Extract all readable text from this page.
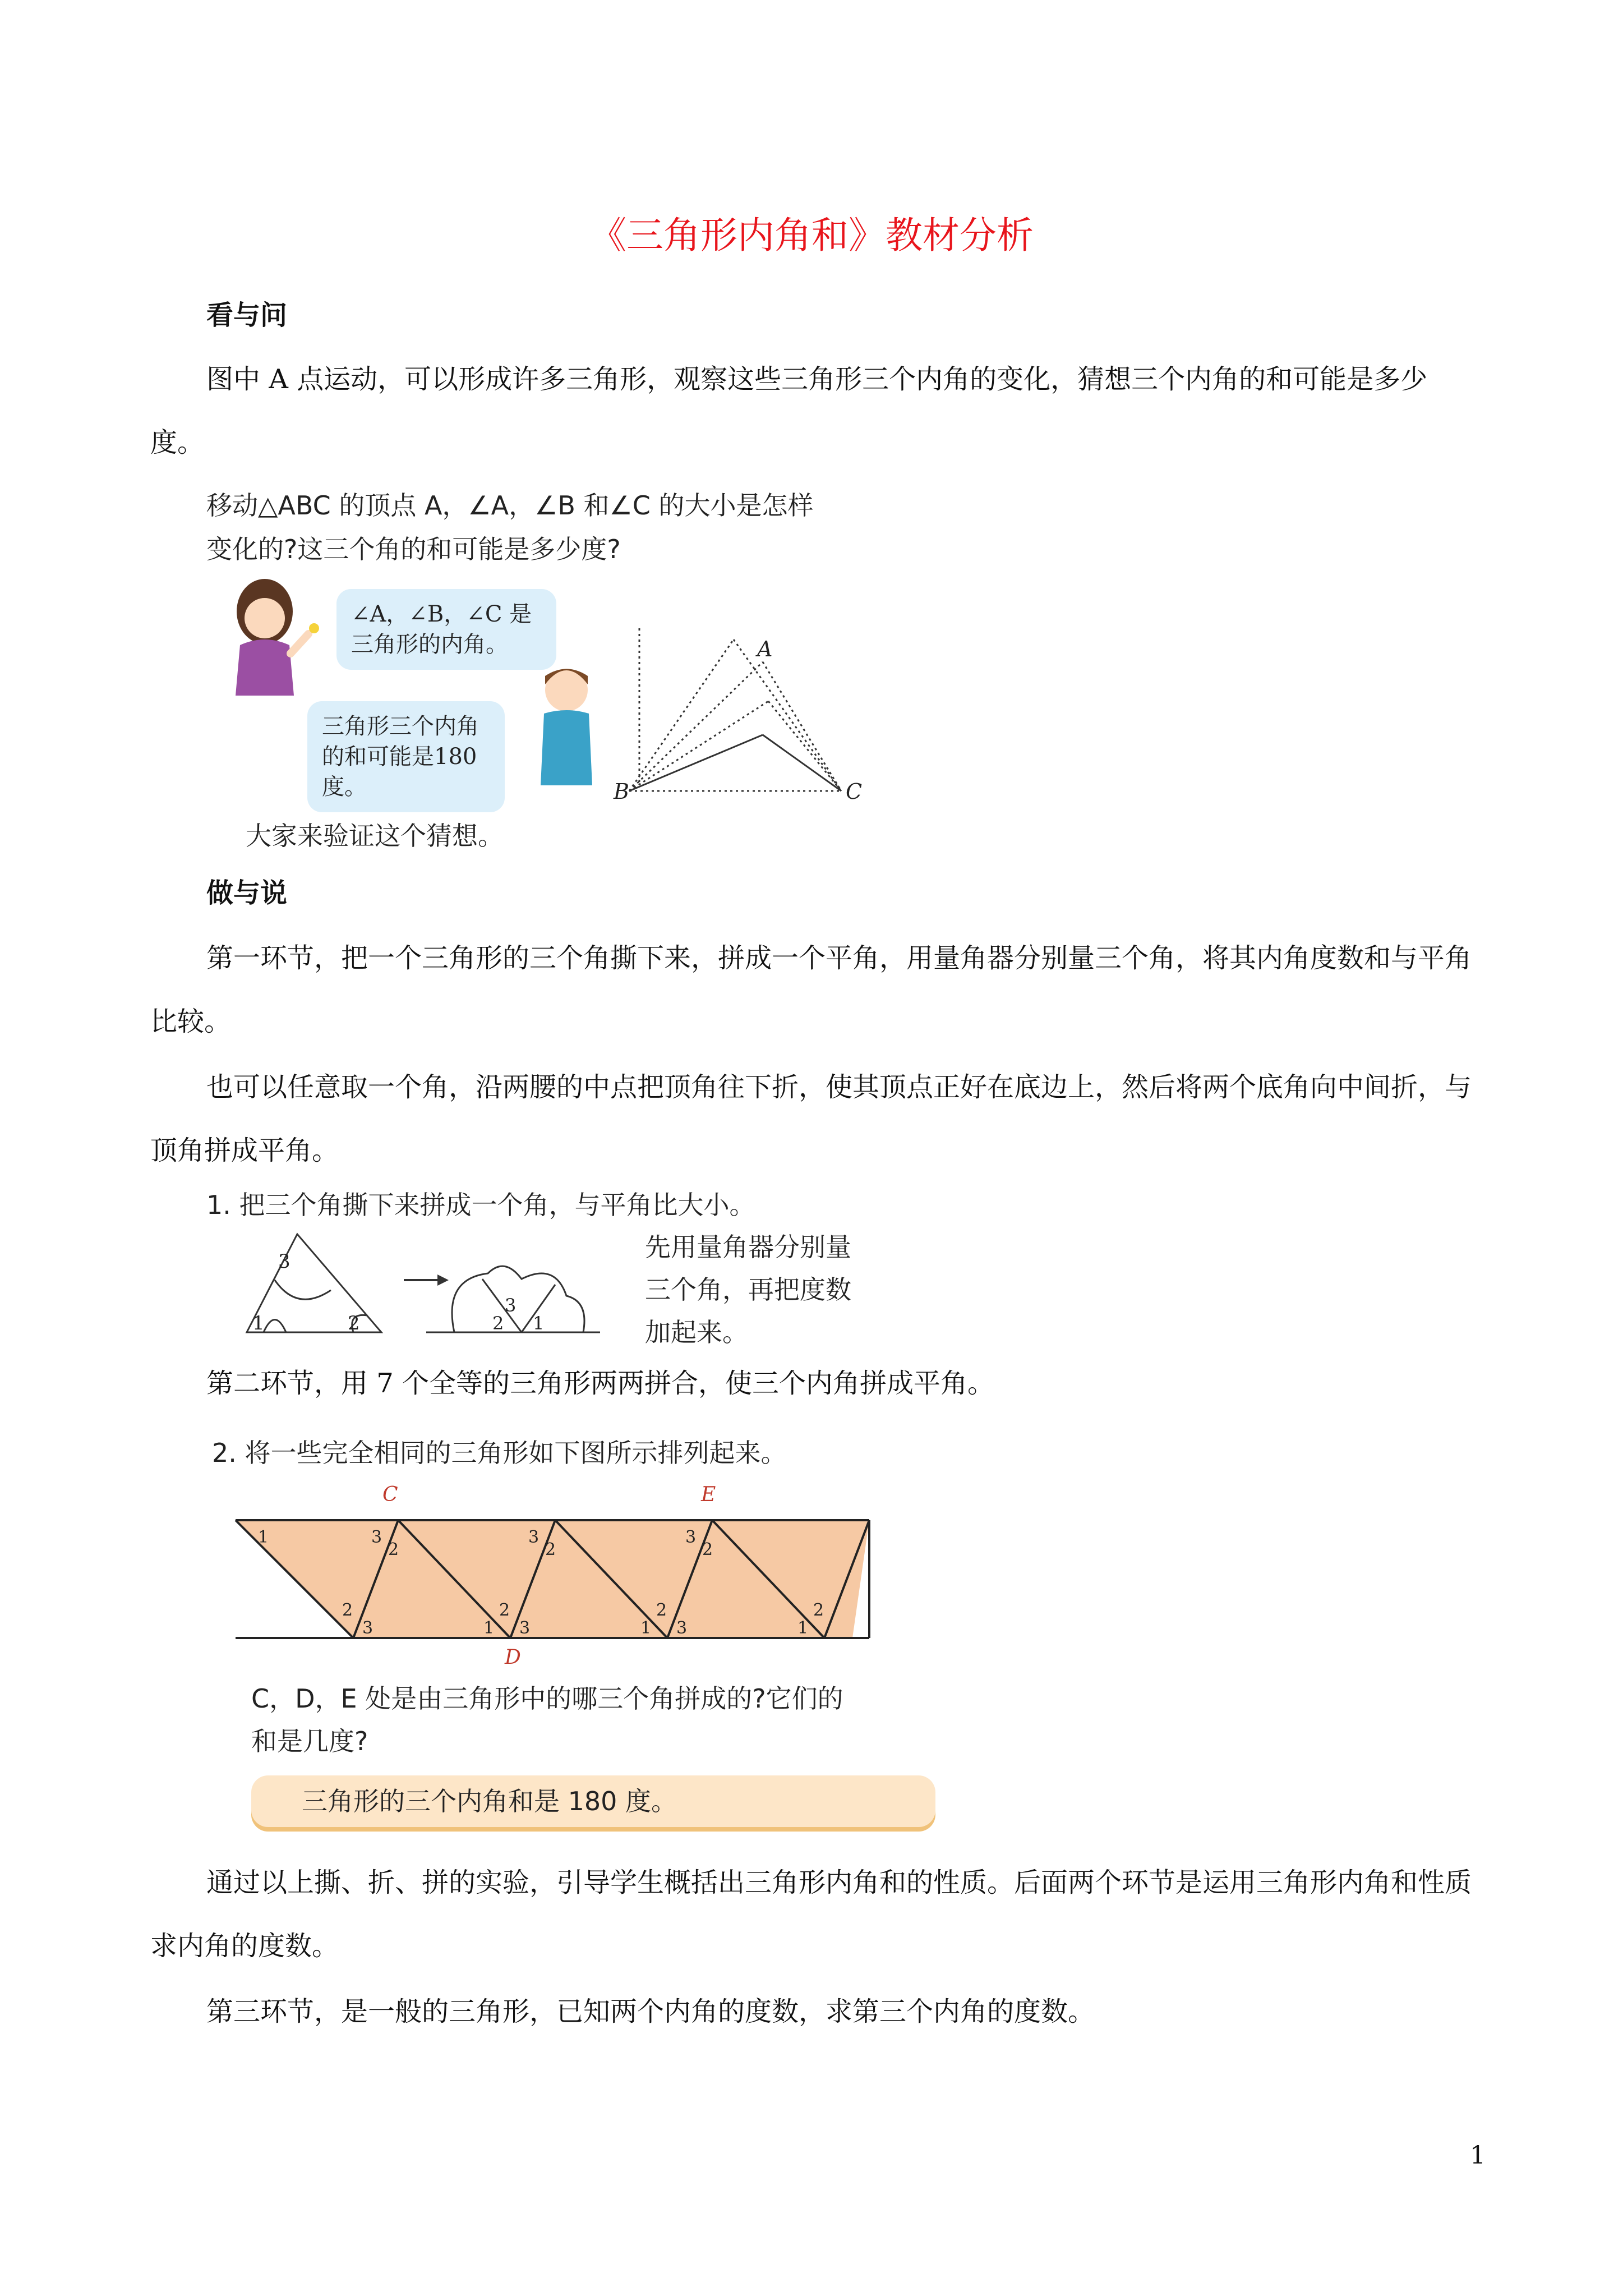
《三角形内角和》教材分析
看与问
图中 A 点运动，可以形成许多三角形，观察这些三角形三个内角的变化，猜想三个内角的和可能是多少度。
移动△ABC 的顶点 A，∠A，∠B 和∠C 的大小是怎样
变化的?这三个角的和可能是多少度?
A
B	C
∠A，∠B，∠C 是三角形的内角。
三角形三个内角的和可能是180 度。
大家来验证这个猜想。
做与说
第一环节，把一个三角形的三个角撕下来，拼成一个平角，用量角器分别量三个角，将其内角度数和与平角比较。
也可以任意取一个角，沿两腰的中点把顶角往下折，使其顶点正好在底边上，然后将两个底角向中间折，与顶角拼成平角。
1. 把三个角撕下来拼成一个角，与平角比大小。
3
1	2
3
2 1
先用量角器分别量
三个角，再把度数
加起来。
第二环节，用 7 个全等的三角形两两拼合，使三个内角拼成平角。
2. 将一些完全相同的三角形如下图所示排列起来。
C
D
E
1	3
2
3
2
3
2
2
3	1
2
3	1
2
3	1
2
C，D，E 处是由三角形中的哪三个角拼成的?它们的
和是几度?
三角形的三个内角和是 180 度。
通过以上撕、折、拼的实验，引导学生概括出三角形内角和的性质。后面两个环节是运用三角形内角和性质求内角的度数。
第三环节，是一般的三角形，已知两个内角的度数，求第三个内角的度数。
1
